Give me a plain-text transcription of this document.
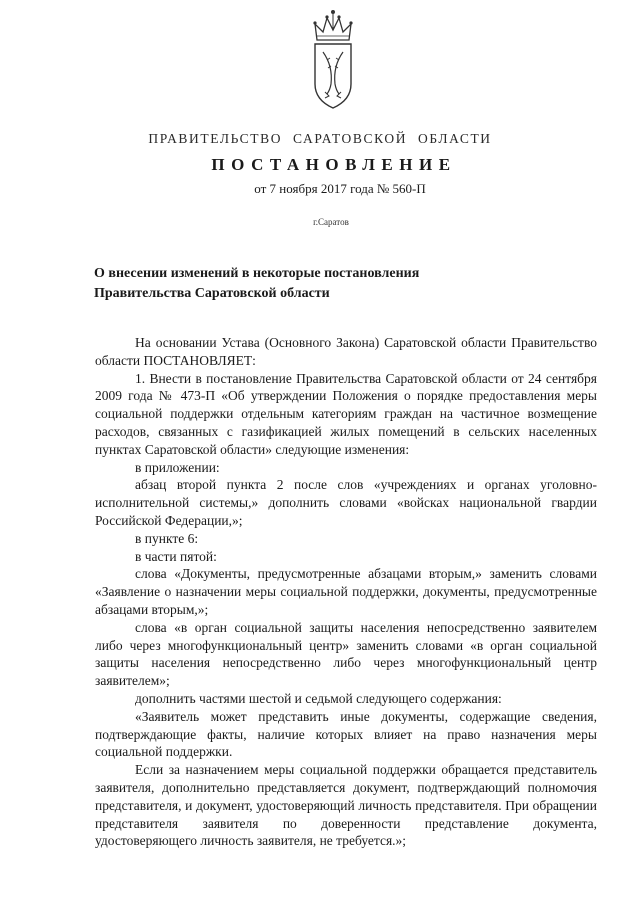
ПРАВИТЕЛЬСТВО САРАТОВСКОЙ ОБЛАСТИ
ПОСТАНОВЛЕНИЕ
от 7 ноября 2017 года № 560-П
г.Саратов
О внесении изменений в некоторые постановления
Правительства Саратовской области

На основании Устава (Основного Закона) Саратовской области Правительство области ПОСТАНОВЛЯЕТ:

1. Внести в постановление Правительства Саратовской области от 24 сентября 2009 года № 473-П «Об утверждении Положения о порядке предоставления меры социальной поддержки отдельным категориям граждан на частичное возмещение расходов, связанных с газификацией жилых помещений в сельских населенных пунктах Саратовской области» следующие изменения:

в приложении:

абзац второй пункта 2 после слов «учреждениях и органах уголовно-исполнительной системы,» дополнить словами «войсках национальной гвардии Российской Федерации,»;

в пункте 6:

в части пятой:

слова «Документы, предусмотренные абзацами вторым,» заменить словами «Заявление о назначении меры социальной поддержки, документы, предусмотренные абзацами вторым,»;

слова «в орган социальной защиты населения непосредственно заявителем либо через многофункциональный центр» заменить словами «в орган социальной защиты населения непосредственно либо через многофункциональный центр заявителем»;

дополнить частями шестой и седьмой следующего содержания:

«Заявитель может представить иные документы, содержащие сведения, подтверждающие факты, наличие которых влияет на право назначения меры социальной поддержки.

Если за назначением меры социальной поддержки обращается представитель заявителя, дополнительно представляется документ, подтверждающий полномочия представителя, и документ, удостоверяющий личность представителя. При обращении представителя заявителя по доверенности представление документа, удостоверяющего личность заявителя, не требуется.»;
